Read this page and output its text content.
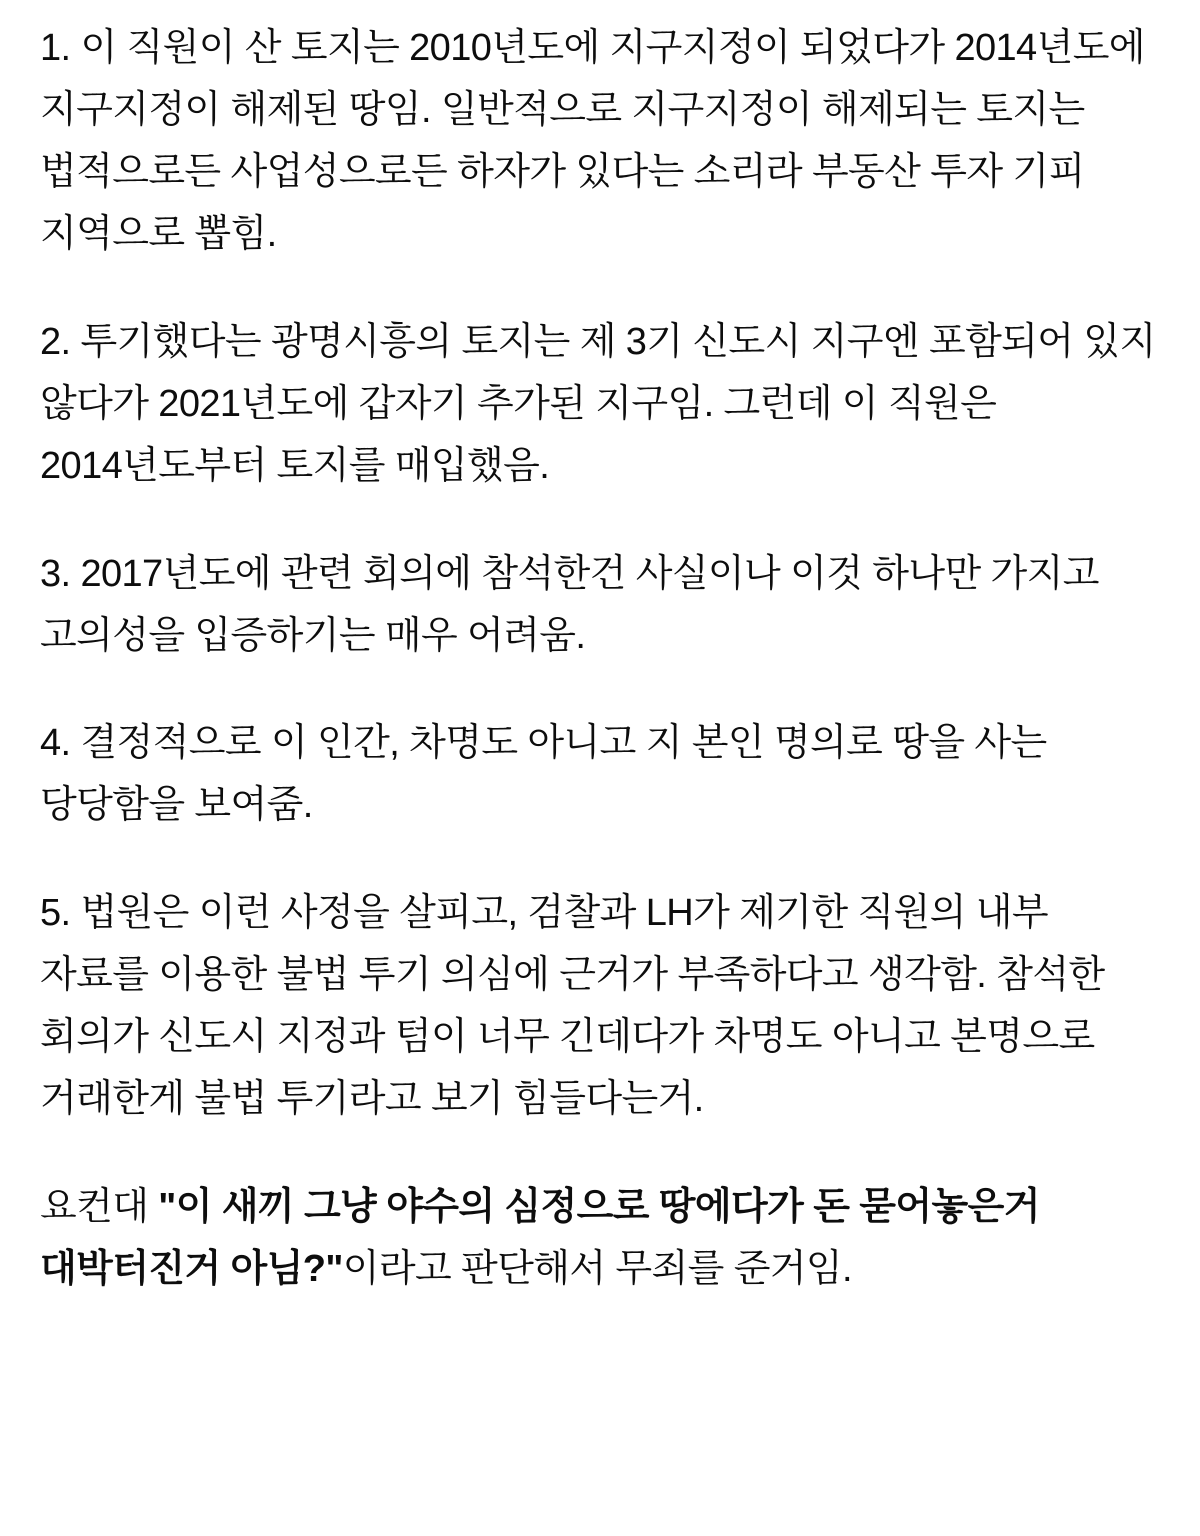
1. 이 직원이 산 토지는 2010년도에 지구지정이 되었다가 2014년도에 지구지정이 해제된 땅임. 일반적으로 지구지정이 해제되는 토지는 법적으로든 사업성으로든 하자가 있다는 소리라 부동산 투자 기피 지역으로 뽑힘.

2. 투기했다는 광명시흥의 토지는 제 3기 신도시 지구엔 포함되어 있지 않다가 2021년도에 갑자기 추가된 지구임. 그런데 이 직원은 2014년도부터 토지를 매입했음.

3. 2017년도에 관련 회의에 참석한건 사실이나 이것 하나만 가지고 고의성을 입증하기는 매우 어려움.

4. 결정적으로 이 인간, 차명도 아니고 지 본인 명의로 땅을 사는 당당함을 보여줌.

5. 법원은 이런 사정을 살피고, 검찰과 LH가 제기한 직원의 내부 자료를 이용한 불법 투기 의심에 근거가 부족하다고 생각함. 참석한 회의가 신도시 지정과 텀이 너무 긴데다가 차명도 아니고 본명으로 거래한게 불법 투기라고 보기 힘들다는거.

요컨대 "이 새끼 그냥 야수의 심정으로 땅에다가 돈 묻어놓은거 대박터진거 아님?"이라고 판단해서 무죄를 준거임.
